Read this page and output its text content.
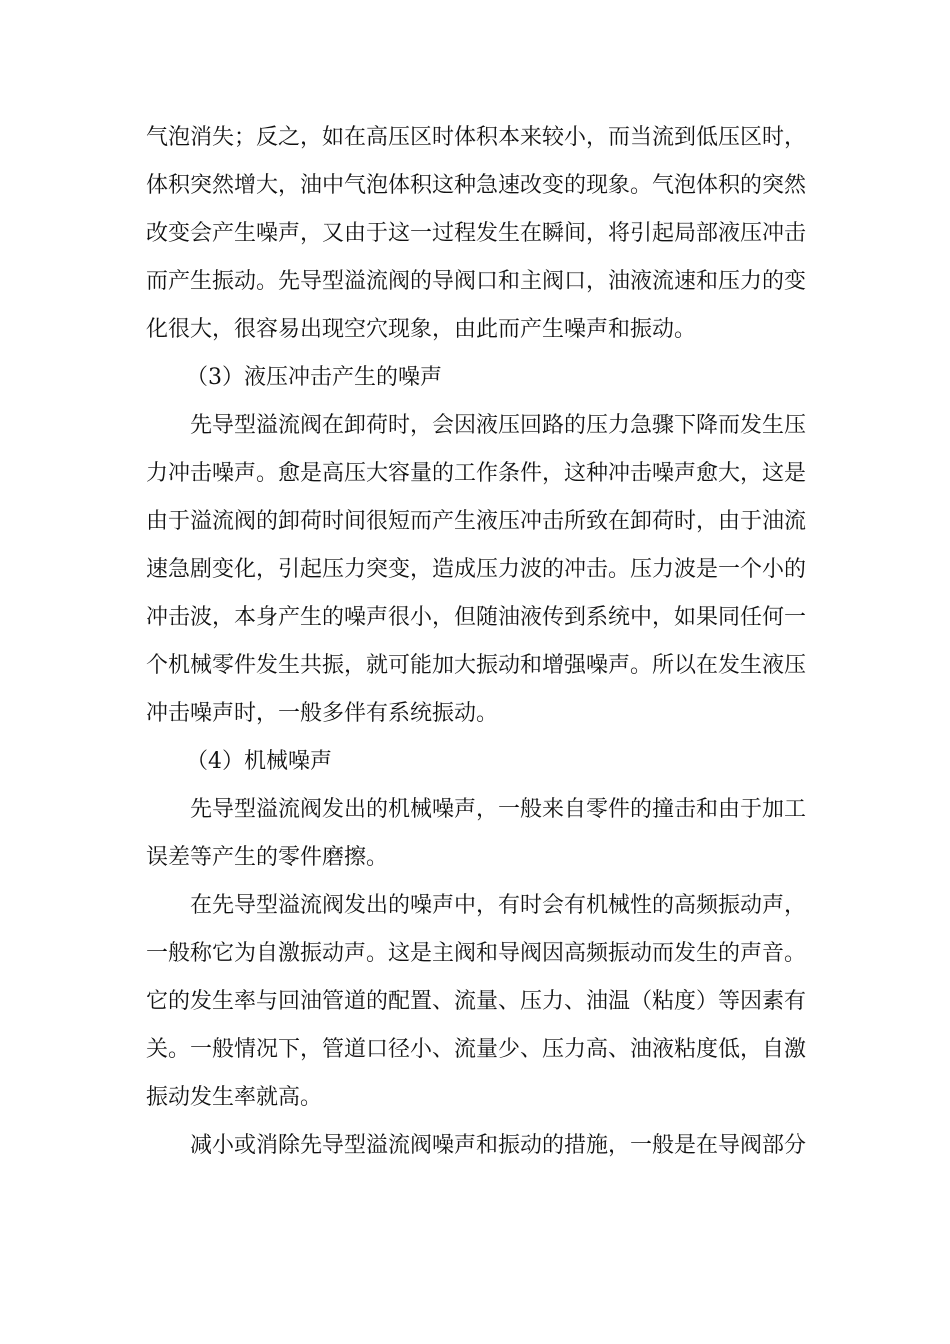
气泡消失；反之，如在高压区时体积本来较小，而当流到低压区时，体积突然增大，油中气泡体积这种急速改变的现象。气泡体积的突然改变会产生噪声，又由于这一过程发生在瞬间，将引起局部液压冲击而产生振动。先导型溢流阀的导阀口和主阀口，油液流速和压力的变化很大，很容易出现空穴现象，由此而产生噪声和振动。

（3）液压冲击产生的噪声

先导型溢流阀在卸荷时，会因液压回路的压力急骤下降而发生压力冲击噪声。愈是高压大容量的工作条件，这种冲击噪声愈大，这是由于溢流阀的卸荷时间很短而产生液压冲击所致在卸荷时，由于油流速急剧变化，引起压力突变，造成压力波的冲击。压力波是一个小的冲击波，本身产生的噪声很小，但随油液传到系统中，如果同任何一个机械零件发生共振，就可能加大振动和增强噪声。所以在发生液压冲击噪声时，一般多伴有系统振动。

（4）机械噪声

先导型溢流阀发出的机械噪声，一般来自零件的撞击和由于加工误差等产生的零件磨擦。

在先导型溢流阀发出的噪声中，有时会有机械性的高频振动声，一般称它为自激振动声。这是主阀和导阀因高频振动而发生的声音。它的发生率与回油管道的配置、流量、压力、油温（粘度）等因素有关。一般情况下，管道口径小、流量少、压力高、油液粘度低，自激振动发生率就高。

减小或消除先导型溢流阀噪声和振动的措施，一般是在导阀部分
